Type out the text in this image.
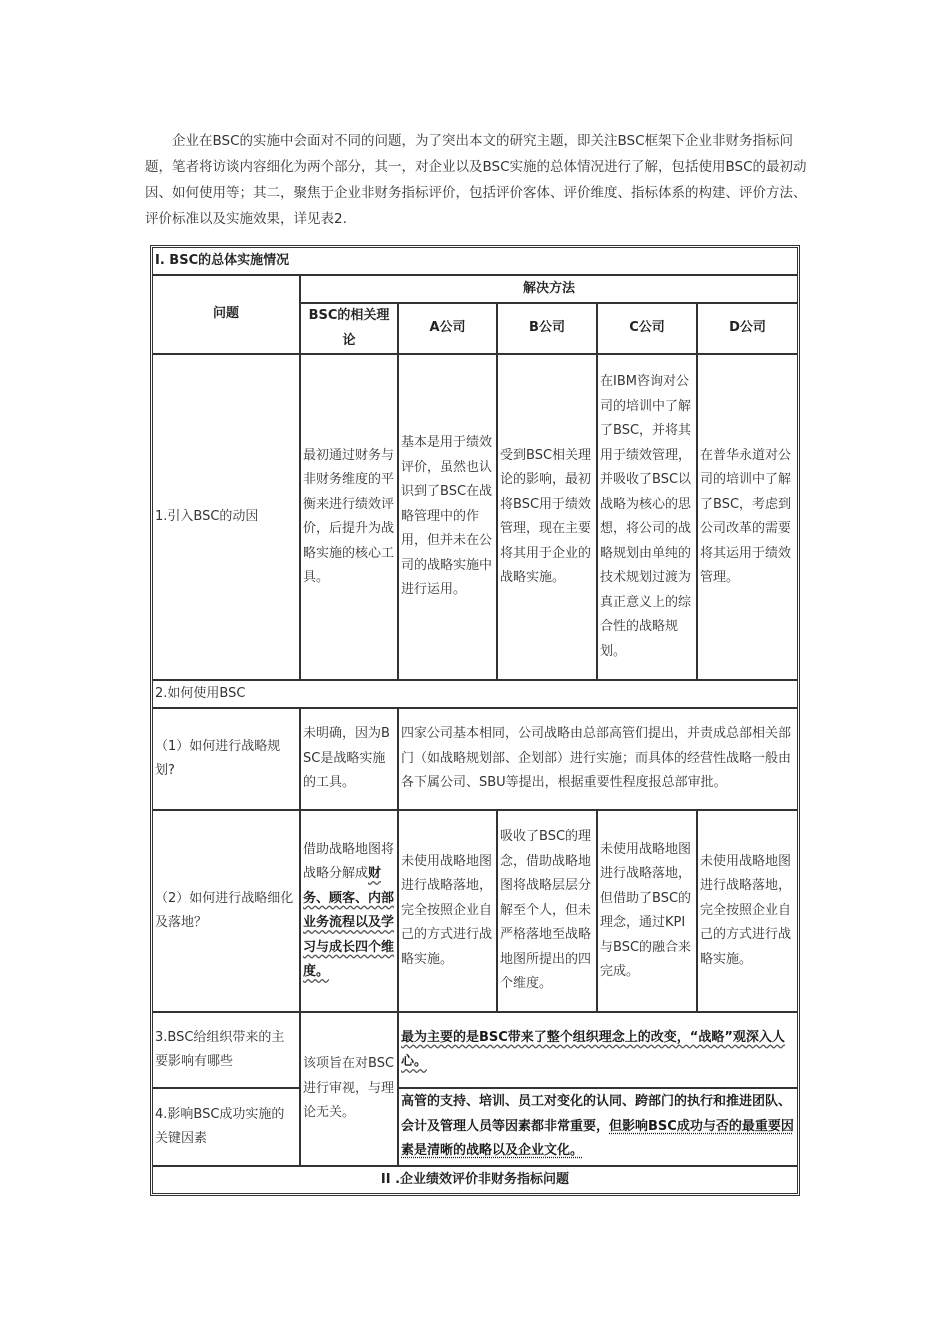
企业在BSC的实施中会面对不同的问题，为了突出本文的研究主题，即关注BSC框架下企业非财务指标问题，笔者将访谈内容细化为两个部分，其一，对企业以及BSC实施的总体情况进行了解，包括使用BSC的最初动因、如何使用等；其二，聚焦于企业非财务指标评价，包括评价客体、评价维度、指标体系的构建、评价方法、评价标准以及实施效果，详见表2.

Ⅰ. BSC的总体实施情况					
问题	解决方法				
	BSC的相关理论	A公司	B公司	C公司	D公司
1.引入BSC的动因	最初通过财务与非财务维度的平衡来进行绩效评价，后提升为战略实施的核心工具。	基本是用于绩效评价，虽然也认识到了BSC在战略管理中的作用，但并未在公司的战略实施中进行运用。	受到BSC相关理论的影响，最初将BSC用于绩效管理，现在主要将其用于企业的战略实施。	在IBM咨询对公司的培训中了解了BSC，并将其用于绩效管理，并吸收了BSC以战略为核心的思想，将公司的战略规划由单纯的技术规划过渡为真正意义上的综合性的战略规划。	在普华永道对公司的培训中了解了BSC，考虑到公司改革的需要将其运用于绩效管理。
2.如何使用BSC					
（1）如何进行战略规划?	未明确，因为BSC是战略实施的工具。	四家公司基本相同，公司战略由总部高管们提出，并责成总部相关部门（如战略规划部、企划部）进行实施；而具体的经营性战略一般由各下属公司、SBU等提出，根据重要性程度报总部审批。			
（2）如何进行战略细化及落地？	借助战略地图将战略分解成财务、顾客、内部业务流程以及学习与成长四个维度。	未使用战略地图进行战略落地，完全按照企业自己的方式进行战略实施。	吸收了BSC的理念，借助战略地图将战略层层分解至个人，但未严格落地至战略地图所提出的四个维度。	未使用战略地图进行战略落地，但借助了BSC的理念，通过KPI与BSC的融合来完成。	未使用战略地图进行战略落地，完全按照企业自己的方式进行战略实施。
3.BSC给组织带来的主要影响有哪些	该项旨在对BSC进行审视，与理论无关。	最为主要的是BSC带来了整个组织理念上的改变，“战略”观深入人心。			
4.影响BSC成功实施的关键因素		高管的支持、培训、员工对变化的认同、跨部门的执行和推进团队、会计及管理人员等因素都非常重要，但影响BSC成功与否的最重要因素是清晰的战略以及企业文化。			
II .企业绩效评价非财务指标问题					
